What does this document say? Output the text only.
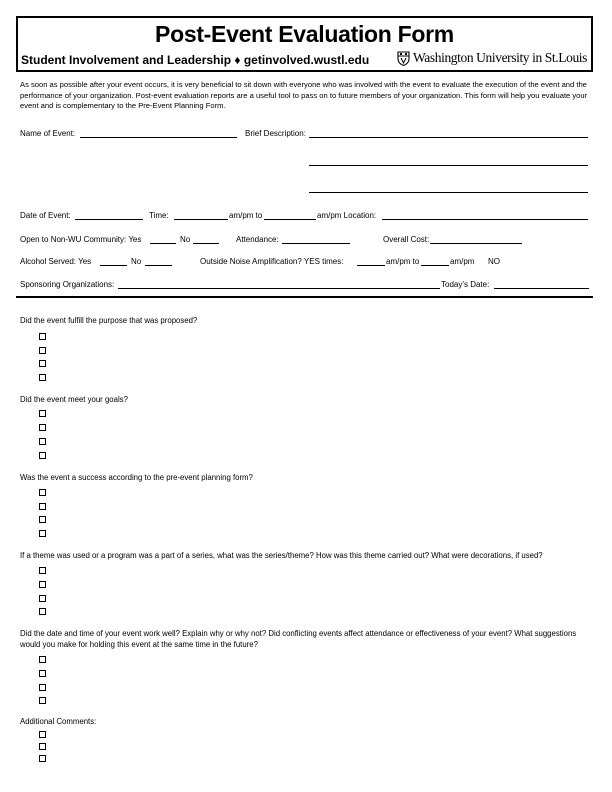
Post-Event Evaluation Form
Student Involvement and Leadership ♦ getinvolved.wustl.edu	Washington University in St.Louis
As soon as possible after your event occurs, it is very beneficial to sit down with everyone who was involved with the event to evaluate the execution of the event and the performance of your organization. Post-event evaluation reports are a useful tool to pass on to future members of your organization. This form will help you evaluate your event and is complementary to the Pre-Event Planning Form.
Name of Event:	Brief Description:
Date of Event:	Time:	am/pm to	am/pm Location:
Open to Non-WU Community: Yes	No	Attendance:	Overall Cost:
Alcohol Served: Yes	No	Outside Noise Amplification? YES times:	am/pm to	am/pm NO
Sponsoring Organizations:	Today’s Date:
Did the event fulfill the purpose that was proposed?
Did the event meet your goals?
Was the event a success according to the pre-event planning form?
If a theme was used or a program was a part of a series, what was the series/theme? How was this theme carried out? What were decorations, if used?
Did the date and time of your event work well? Explain why or why not? Did conflicting events affect attendance or effectiveness of your event? What suggestions would you make for holding this event at the same time in the future?
Additional Comments:
